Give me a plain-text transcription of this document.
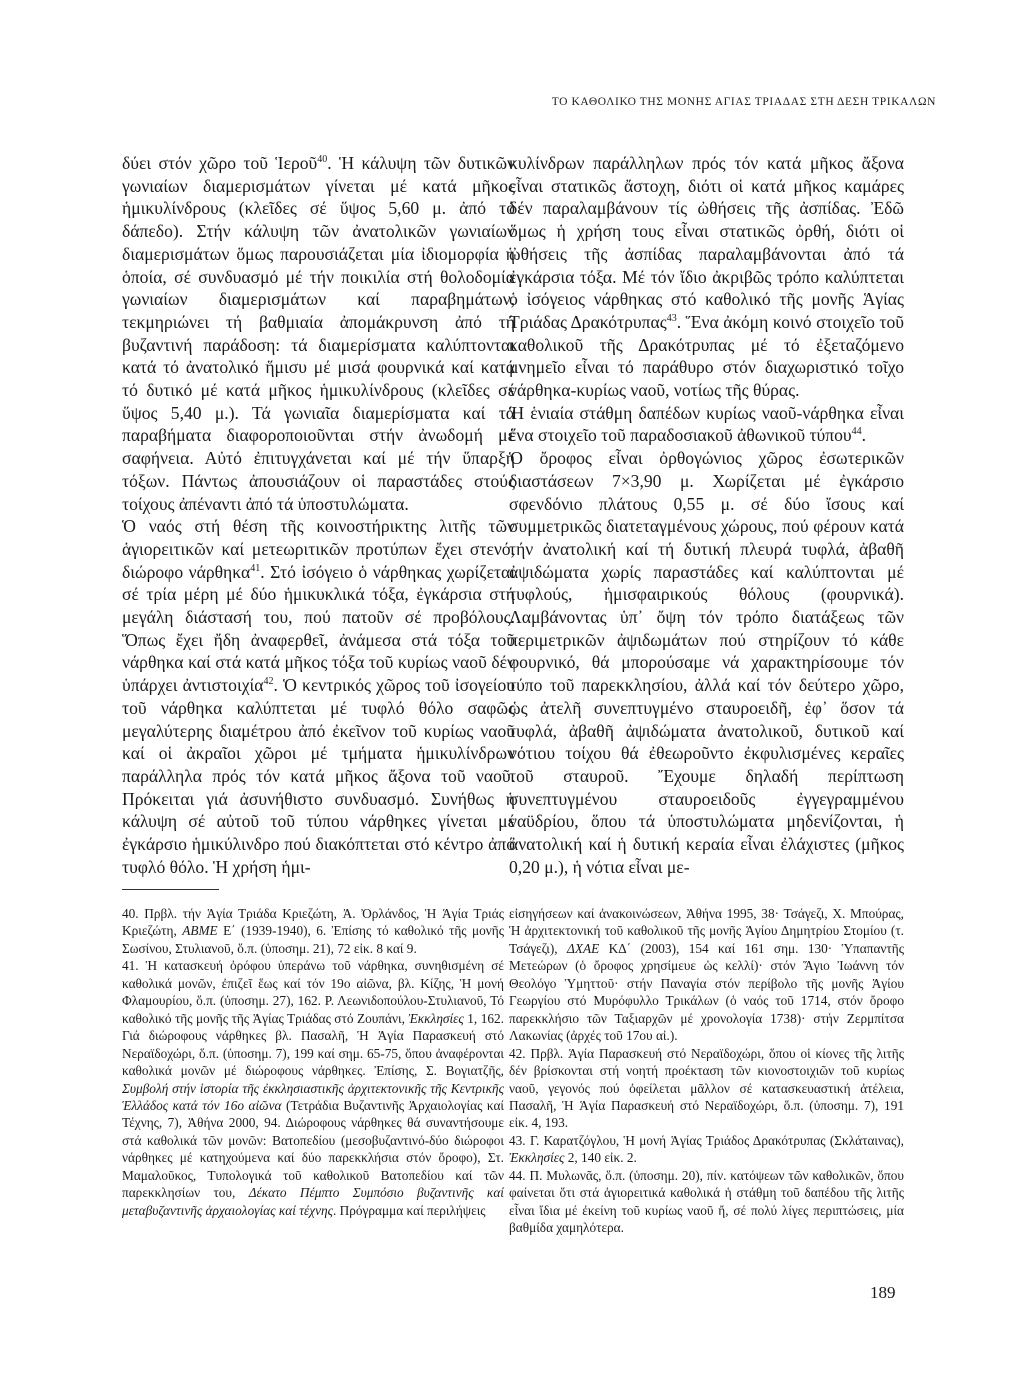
ΤΟ ΚΑΘΟΛΙΚΟ ΤΗΣ ΜΟΝΗΣ ΑΓΙΑΣ ΤΡΙΑΔΑΣ ΣΤΗ ΔΕΣΗ ΤΡΙΚΑΛΩΝ

δύει στόν χῶρο τοῦ Ἱεροῦ$^{40}$. Ἡ κάλυψη τῶν δυτικῶν γωνιαίων διαμερισμάτων γίνεται μέ κατά μῆκος ἡμικυλίνδρους (κλεῖδες σέ ὕψος 5,60 μ. ἀπό τό δάπεδο). Στήν κάλυψη τῶν ἀνατολικῶν γωνιαίων διαμερισμάτων ὅμως παρουσιάζεται μία ἰδιομορφία ἡ ὁποία, σέ συνδυασμό μέ τήν ποικιλία στή θολοδομία γωνιαίων διαμερισμάτων καί παραβημάτων, τεκμηριώνει τή βαθμιαία ἀπομάκρυνση ἀπό τή βυζαντινή παράδοση: τά διαμερίσματα καλύπτονται κατά τό ἀνατολικό ἥμισυ μέ μισά φουρνικά καί κατά τό δυτικό μέ κατά μῆκος ἡμικυλίνδρους (κλεῖδες σέ ὕψος 5,40 μ.). Τά γωνιαῖα διαμερίσματα καί τά παραβήματα διαφοροποιοῦνται στήν ἀνωδομή μέ σαφήνεια. Αὐτό ἐπιτυγχάνεται καί μέ τήν ὕπαρξη τόξων. Πάντως ἀπουσιάζουν οἱ παραστάδες στούς τοίχους ἀπέναντι ἀπό τά ὑποστυλώματα.

Ὁ ναός στή θέση τῆς κοινοστήρικτης λιτῆς τῶν ἁγιορειτικῶν καί μετεωριτικῶν προτύπων ἔχει στενό, διώροφο νάρθηκα$^{41}$. Στό ἰσόγειο ὁ νάρθηκας χωρίζεται σέ τρία μέρη μέ δύο ἡμικυκλικά τόξα, ἐγκάρσια στή μεγάλη διάστασή του, πού πατοῦν σέ προβόλους. Ὅπως ἔχει ἤδη ἀναφερθεῖ, ἀνάμεσα στά τόξα τοῦ νάρθηκα καί στά κατά μῆκος τόξα τοῦ κυρίως ναοῦ δέν ὑπάρχει ἀντιστοιχία$^{42}$. Ὁ κεντρικός χῶρος τοῦ ἰσογείου τοῦ νάρθηκα καλύπτεται μέ τυφλό θόλο σαφῶς μεγαλύτερης διαμέτρου ἀπό ἐκεῖνον τοῦ κυρίως ναοῦ καί οἱ ἀκραῖοι χῶροι μέ τμήματα ἡμικυλίνδρων παράλληλα πρός τόν κατά μῆκος ἄξονα τοῦ ναοῦ. Πρόκειται γιά ἀσυνήθιστο συνδυασμό. Συνήθως ἡ κάλυψη σέ αὐτοῦ τοῦ τύπου νάρθηκες γίνεται μέ ἐγκάρσιο ἡμικύλινδρο πού διακόπτεται στό κέντρο ἀπό τυφλό θόλο. Ἡ χρήση ἡμι-

κυλίνδρων παράλληλων πρός τόν κατά μῆκος ἄξονα εἶναι στατικῶς ἄστοχη, διότι οἱ κατά μῆκος καμάρες δέν παραλαμβάνουν τίς ὠθήσεις τῆς ἀσπίδας. Ἐδῶ ὅμως ἡ χρήση τους εἶναι στατικῶς ὀρθή, διότι οἱ ὠθήσεις τῆς ἀσπίδας παραλαμβάνονται ἀπό τά ἐγκάρσια τόξα. Μέ τόν ἴδιο ἀκριβῶς τρόπο καλύπτεται ὁ ἰσόγειος νάρθηκας στό καθολικό τῆς μονῆς Ἁγίας Τριάδας Δρακότρυπας$^{43}$. Ἕνα ἀκόμη κοινό στοιχεῖο τοῦ καθολικοῦ τῆς Δρακότρυπας μέ τό ἐξεταζόμενο μνημεῖο εἶναι τό παράθυρο στόν διαχωριστικό τοῖχο νάρθηκα-κυρίως ναοῦ, νοτίως τῆς θύρας.

Ἡ ἑνιαία στάθμη δαπέδων κυρίως ναοῦ-νάρθηκα εἶναι ἕνα στοιχεῖο τοῦ παραδοσιακοῦ ἀθωνικοῦ τύπου$^{44}$.

Ὁ ὄροφος εἶναι ὀρθογώνιος χῶρος ἐσωτερικῶν διαστάσεων 7×3,90 μ. Χωρίζεται μέ ἐγκάρσιο σφενδόνιο πλάτους 0,55 μ. σέ δύο ἴσους καί συμμετρικῶς διατεταγμένους χώρους, πού φέρουν κατά τήν ἀνατολική καί τή δυτική πλευρά τυφλά, ἀβαθῆ ἀψιδώματα χωρίς παραστάδες καί καλύπτονται μέ τυφλούς, ἡμισφαιρικούς θόλους (φουρνικά). Λαμβάνοντας ὑπ᾽ ὄψη τόν τρόπο διατάξεως τῶν περιμετρικῶν ἀψιδωμάτων πού στηρίζουν τό κάθε φουρνικό, θά μπορούσαμε νά χαρακτηρίσουμε τόν τύπο τοῦ παρεκκλησίου, ἀλλά καί τόν δεύτερο χῶρο, ὡς ἀτελῆ συνεπτυγμένο σταυροειδῆ, ἐφ᾽ ὅσον τά τυφλά, ἀβαθῆ ἀψιδώματα ἀνατολικοῦ, δυτικοῦ καί νότιου τοίχου θά ἐθεωροῦντο ἐκφυλισμένες κεραῖες τοῦ σταυροῦ. Ἔχουμε δηλαδή περίπτωση συνεπτυγμένου σταυροειδοῦς ἐγγεγραμμένου ναϋδρίου, ὅπου τά ὑποστυλώματα μηδενίζονται, ἡ ἀνατολική καί ἡ δυτική κεραία εἶναι ἐλάχιστες (μῆκος 0,20 μ.), ἡ νότια εἶναι με-

40. Πρβλ. τήν Ἁγία Τριάδα Κριεζώτη, Ἀ. Ὀρλάνδος, Ἡ Ἁγία Τριάς Κριεζώτη, ΑΒΜΕ Ε΄ (1939-1940), 6. Ἐπίσης τό καθολικό τῆς μονῆς Σωσίνου, Στυλιανοῦ, ὅ.π. (ὑποσημ. 21), 72 εἰκ. 8 καί 9.

41. Ἡ κατασκευή ὀρόφου ὑπεράνω τοῦ νάρθηκα, συνηθισμένη σέ καθολικά μονῶν, ἐπιζεῖ ἕως καί τόν 19ο αἰῶνα, βλ. Κίζης, Ἡ μονή Φλαμουρίου, ὅ.π. (ὑποσημ. 27), 162. Ρ. Λεωνιδοπούλου-Στυλιανοῦ, Τό καθολικό τῆς μονῆς τῆς Ἁγίας Τριάδας στό Ζουπάνι, Ἐκκλησίες 1, 162. Γιά διώροφους νάρθηκες βλ. Πασαλῆ, Ἡ Ἁγία Παρασκευή στό Νεραϊδοχώρι, ὅ.π. (ὑποσημ. 7), 199 καί σημ. 65-75, ὅπου ἀναφέρονται καθολικά μονῶν μέ διώροφους νάρθηκες. Ἐπίσης, Σ. Βογιατζῆς, Συμβολή στήν ἱστορία τῆς ἐκκλησιαστικῆς ἀρχιτεκτονικῆς τῆς Κεντρικῆς Ἑλλάδος κατά τόν 16ο αἰῶνα (Τετράδια Βυζαντινῆς Ἀρχαιολογίας καί Τέχνης, 7), Ἀθήνα 2000, 94. Διώροφους νάρθηκες θά συναντήσουμε στά καθολικά τῶν μονῶν: Βατοπεδίου (μεσοβυζαντινό-δύο διώροφοι νάρθηκες μέ κατηχούμενα καί δύο παρεκκλήσια στόν ὄροφο), Στ. Μαμαλοῦκος, Τυπολογικά τοῦ καθολικοῦ Βατοπεδίου καί τῶν παρεκκλησίων του, Δέκατο Πέμπτο Συμπόσιο βυζαντινῆς καί μεταβυζαντινῆς ἀρχαιολογίας καί τέχνης. Πρόγραμμα καί περιλήψεις

εἰσηγήσεων καί ἀνακοινώσεων, Ἀθήνα 1995, 38· Τσάγεζι, Χ. Μπούρας, Ἡ ἀρχιτεκτονική τοῦ καθολικοῦ τῆς μονῆς Ἁγίου Δημητρίου Στομίου (τ. Τσάγεζι), ΔΧΑΕ ΚΔ΄ (2003), 154 καί 161 σημ. 130· Ὑπαπαντῆς Μετεώρων (ὁ ὄροφος χρησίμευε ὡς κελλί)· στόν Ἅγιο Ἰωάννη τόν Θεολόγο Ὑμηττοῦ· στήν Παναγία στόν περίβολο τῆς μονῆς Ἁγίου Γεωργίου στό Μυρόφυλλο Τρικάλων (ὁ ναός τοῦ 1714, στόν ὄροφο παρεκκλήσιο τῶν Ταξιαρχῶν μέ χρονολογία 1738)· στήν Ζερμπίτσα Λακωνίας (ἀρχές τοῦ 17ου αἰ.).

42. Πρβλ. Ἁγία Παρασκευή στό Νεραϊδοχώρι, ὅπου οἱ κίονες τῆς λιτῆς δέν βρίσκονται στή νοητή προέκταση τῶν κιονοστοιχιῶν τοῦ κυρίως ναοῦ, γεγονός πού ὀφείλεται μᾶλλον σέ κατασκευαστική ἀτέλεια, Πασαλῆ, Ἡ Ἁγία Παρασκευή στό Νεραϊδοχώρι, ὅ.π. (ὑποσημ. 7), 191 εἰκ. 4, 193.

43. Γ. Καρατζόγλου, Ἡ μονή Ἁγίας Τριάδος Δρακότρυπας (Σκλάταινας), Ἐκκλησίες 2, 140 εἰκ. 2.

44. Π. Μυλωνᾶς, ὅ.π. (ὑποσημ. 20), πίν. κατόψεων τῶν καθολικῶν, ὅπου φαίνεται ὅτι στά ἁγιορειτικά καθολικά ἡ στάθμη τοῦ δαπέδου τῆς λιτῆς εἶναι ἴδια μέ ἐκείνη τοῦ κυρίως ναοῦ ἤ, σέ πολύ λίγες περιπτώσεις, μία βαθμίδα χαμηλότερα.

189
